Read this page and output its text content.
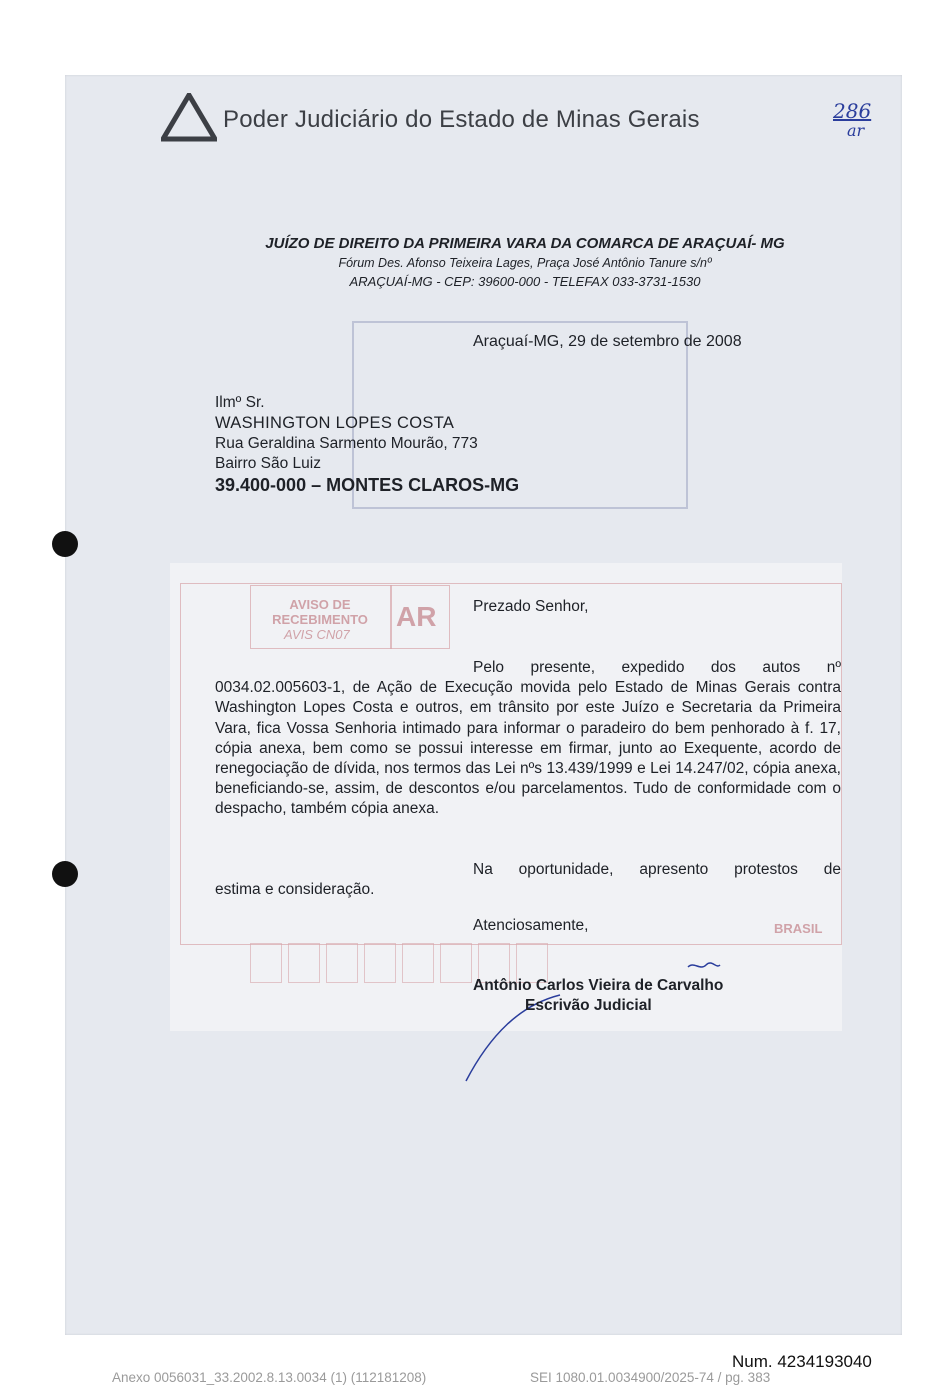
Poder Judiciário do Estado de Minas Gerais	286
ar
JUÍZO DE DIREITO DA PRIMEIRA VARA DA COMARCA DE ARAÇUAÍ- MG
Fórum Des. Afonso Teixeira Lages, Praça José Antônio Tanure s/nº
ARAÇUAÍ-MG - CEP: 39600-000 - TELEFAX 033-3731-1530
Araçuaí-MG, 29 de setembro de 2008
Ilmº Sr.
WASHINGTON LOPES COSTA
Rua Geraldina Sarmento Mourão, 773
Bairro São Luiz
39.400-000 – MONTES CLAROS-MG
AVISO DE RECEBIMENTO	AR
AVIS CN07
BRASIL
Prezado Senhor,
Pelo presente, expedido dos autos nº 0034.02.005603-1, de Ação de Execução movida pelo Estado de Minas Gerais contra Washington Lopes Costa e outros, em trânsito por este Juízo e Secretaria da Primeira Vara, fica Vossa Senhoria intimado para informar o paradeiro do bem penhorado à f. 17, cópia anexa, bem como se possui interesse em firmar, junto ao Exequente, acordo de renegociação de dívida, nos termos das Lei nºs 13.439/1999 e Lei 14.247/02, cópia anexa, beneficiando-se, assim, de descontos e/ou parcelamentos. Tudo de conformidade com o despacho, também cópia anexa.
Na oportunidade, apresento protestos de
estima e consideração.
Atenciosamente,
Antônio Carlos Vieira de Carvalho
Escrivão Judicial
Num. 4234193040
Anexo 0056031_33.2002.8.13.0034 (1) (112181208)	SEI 1080.01.0034900/2025-74 / pg. 383
